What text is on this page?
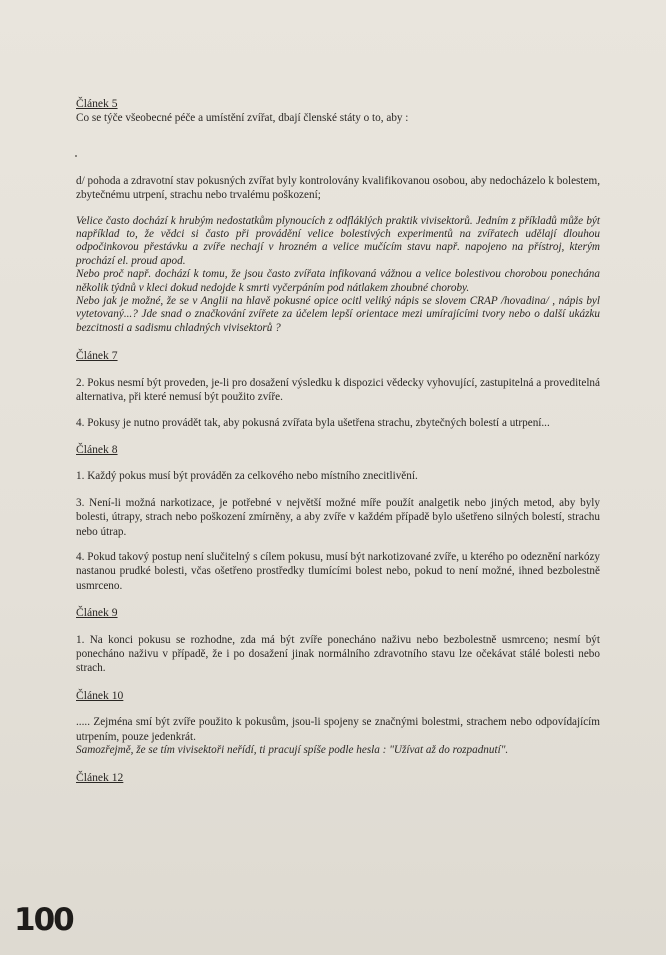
Článek 5

Co se týče všeobecné péče a umístění zvířat, dbají členské státy o to, aby :

d/ pohoda a zdravotní stav pokusných zvířat byly kontrolovány kvalifikovanou osobou, aby nedocházelo k bolestem, zbytečnému utrpení, strachu nebo trvalému poškození;

Velice často dochází k hrubým nedostatkům plynoucích z odfláklých praktik vivisektorů. Jedním z příkladů může být například to, že vědci si často při provádění velice bolestivých experimentů na zvířatech udělají dlouhou odpočinkovou přestávku a zvíře nechají v hrozném a velice mučícím stavu např. napojeno na přístroj, kterým prochází el. proud apod.

Nebo proč např. dochází k tomu, že jsou často zvířata infikovaná vážnou a velice bolestivou chorobou ponechána několik týdnů v kleci dokud nedojde k smrti vyčerpáním pod nátlakem zhoubné choroby.

Nebo jak je možné, že se v Anglii na hlavě pokusné opice ocitl veliký nápis se slovem CRAP /hovadina/ , nápis byl vytetovaný...? Jde snad o značkování zvířete za účelem lepší orientace mezi umírajícími tvory nebo o další ukázku bezcitnosti a sadismu chladných vivisektorů ?

Článek 7

2. Pokus nesmí být proveden, je-li pro dosažení výsledku k dispozici vědecky vyhovující, zastupitelná a proveditelná alternativa, při které nemusí být použito zvíře.

4. Pokusy je nutno provádět tak, aby pokusná zvířata byla ušetřena strachu, zbytečných bolestí a utrpení...

Článek 8

1. Každý pokus musí být prováděn za celkového nebo místního znecitlivění.

3. Není-li možná narkotizace, je potřebné v největší možné míře použít analgetik nebo jiných metod, aby byly bolesti, útrapy, strach nebo poškození zmírněny, a aby zvíře v každém případě bylo ušetřeno silných bolestí, strachu nebo útrap.

4. Pokud takový postup není slučitelný s cílem pokusu, musí být narkotizované zvíře, u kterého po odeznění narkózy nastanou prudké bolesti, včas ošetřeno prostředky tlumícími bolest nebo, pokud to není možné, ihned bezbolestně usmrceno.

Článek 9

1. Na konci pokusu se rozhodne, zda má být zvíře ponecháno naživu nebo bezbolestně usmrceno; nesmí být ponecháno naživu v případě, že i po dosažení jinak normálního zdravotního stavu lze očekávat stálé bolesti nebo strach.

Článek 10

..... Zejména smí být zvíře použito k pokusům, jsou-li spojeny se značnými bolestmi, strachem nebo odpovídajícím utrpením, pouze jedenkrát.

Samozřejmě, že se tím vivisektoři neřídí, ti pracují spíše podle hesla : "Užívat až do rozpadnutí".

Článek 12

100
